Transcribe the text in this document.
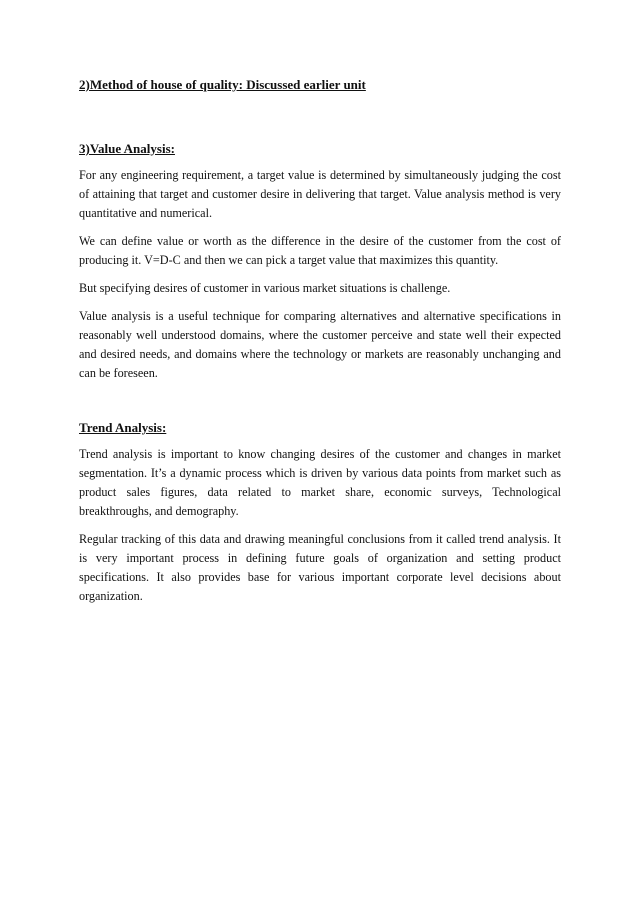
2)Method of house of quality: Discussed earlier unit

3)Value Analysis:

For any engineering requirement, a target value is determined by simultaneously judging the cost of attaining that target and customer desire in delivering that target. Value analysis method is very quantitative and numerical.

We can define value or worth as the difference in the desire of the customer from the cost of producing it. V=D-C and then we can pick a target value that maximizes this quantity.

But specifying desires of customer in various market situations is challenge.

Value analysis is a useful technique for comparing alternatives and alternative specifications in reasonably well understood domains, where the customer perceive and state well their expected and desired needs, and domains where the technology or markets are reasonably unchanging and can be foreseen.

Trend Analysis:

Trend analysis is important to know changing desires of the customer and changes in market segmentation. It’s a dynamic process which is driven by various data points from market such as product sales figures, data related to market share, economic surveys, Technological breakthroughs, and demography.

Regular tracking of this data and drawing meaningful conclusions from it called trend analysis. It is very important process in defining future goals of organization and setting product specifications. It also provides base for various important corporate level decisions about organization.
